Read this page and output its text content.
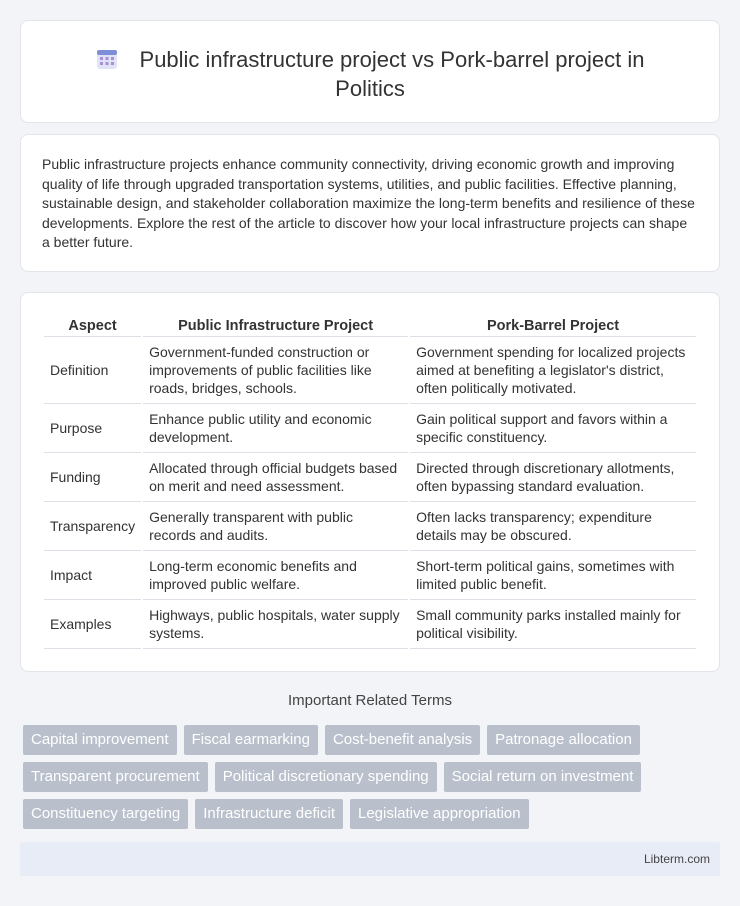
Public infrastructure project vs Pork-barrel project in Politics

Public infrastructure projects enhance community connectivity, driving economic growth and improving quality of life through upgraded transportation systems, utilities, and public facilities. Effective planning, sustainable design, and stakeholder collaboration maximize the long-term benefits and resilience of these developments. Explore the rest of the article to discover how your local infrastructure projects can shape a better future.

Aspect	Public Infrastructure Project	Pork-Barrel Project
Definition	Government-funded construction or improvements of public facilities like roads, bridges, schools.	Government spending for localized projects aimed at benefiting a legislator's district, often politically motivated.
Purpose	Enhance public utility and economic development.	Gain political support and favors within a specific constituency.
Funding	Allocated through official budgets based on merit and need assessment.	Directed through discretionary allotments, often bypassing standard evaluation.
Transparency	Generally transparent with public records and audits.	Often lacks transparency; expenditure details may be obscured.
Impact	Long-term economic benefits and improved public welfare.	Short-term political gains, sometimes with limited public benefit.
Examples	Highways, public hospitals, water supply systems.	Small community parks installed mainly for political visibility.
Important Related Terms
Capital improvement	Fiscal earmarking	Cost-benefit analysis	Patronage allocation
Transparent procurement	Political discretionary spending	Social return on investment
Constituency targeting	Infrastructure deficit	Legislative appropriation
Libterm.com
